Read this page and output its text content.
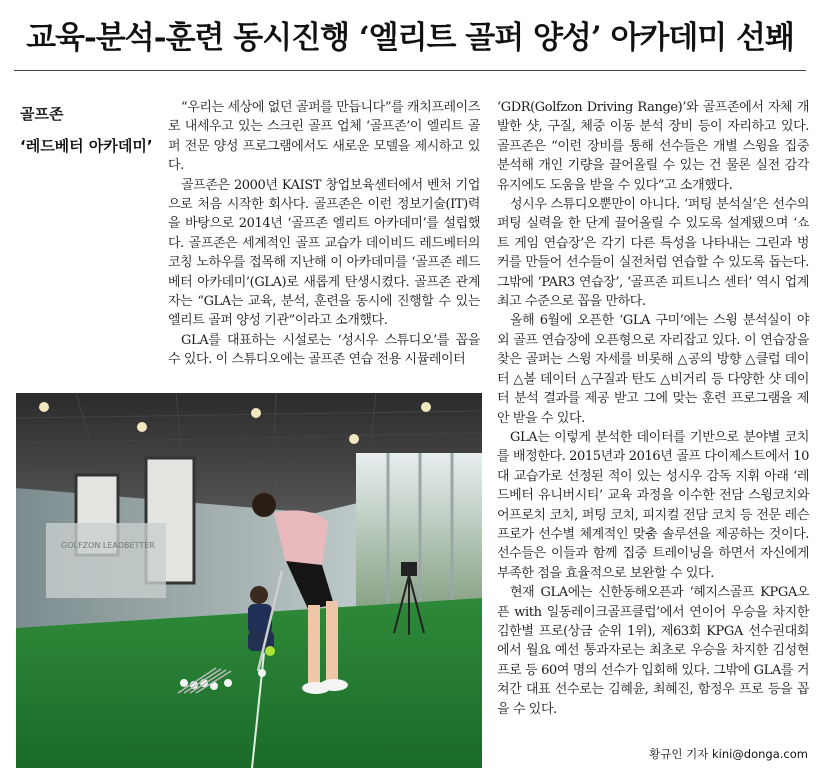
교육-분석-훈련 동시진행 ‘엘리트 골퍼 양성’ 아카데미 선봬
골프존
‘레드베터 아카데미’

“우리는 세상에 없던 골퍼를 만듭니다”를 캐치프레이즈로 내세우고 있는 스크린 골프 업체 ‘골프존’이 엘리트 골퍼 전문 양성 프로그램에서도 새로운 모델을 제시하고 있다.

골프존은 2000년 KAIST 창업보육센터에서 벤처 기업으로 처음 시작한 회사다. 골프존은 이런 정보기술(IT)력을 바탕으로 2014년 ‘골프존 엘리트 아카데미’를 설립했다. 골프존은 세계적인 골프 교습가 데이비드 레드베터의 코칭 노하우를 접목해 지난해 이 아카데미를 ‘골프존 레드베터 아카데미’(GLA)로 새롭게 탄생시켰다. 골프존 관계자는 “GLA는 교육, 분석, 훈련을 동시에 진행할 수 있는 엘리트 골퍼 양성 기관”이라고 소개했다.

GLA를 대표하는 시설로는 ‘성시우 스튜디오’를 꼽을 수 있다. 이 스튜디오에는 골프존 연습 전용 시뮬레이터

‘GDR(Golfzon Driving Range)’와 골프존에서 자체 개발한 샷, 구질, 체중 이동 분석 장비 등이 자리하고 있다. 골프존은 “이런 장비를 통해 선수들은 개별 스윙을 집중 분석해 개인 기량을 끌어올릴 수 있는 건 물론 실전 감각 유지에도 도움을 받을 수 있다”고 소개했다.

성시우 스튜디오뿐만이 아니다. ‘퍼팅 분석실’은 선수의 퍼팅 실력을 한 단계 끌어올릴 수 있도록 설계됐으며 ‘쇼트 게임 연습장’은 각기 다른 특성을 나타내는 그린과 벙커를 만들어 선수들이 실전처럼 연습할 수 있도록 돕는다. 그밖에 ‘PAR3 연습장’, ‘골프존 피트니스 센터’ 역시 업계 최고 수준으로 꼽을 만하다.

올해 6월에 오픈한 ‘GLA 구미’에는 스윙 분석실이 야외 골프 연습장에 오픈형으로 자리잡고 있다. 이 연습장을 찾은 골퍼는 스윙 자세를 비롯해 △공의 방향 △클럽 데이터 △볼 데이터 △구질과 탄도 △비거리 등 다양한 샷 데이터 분석 결과를 제공 받고 그에 맞는 훈련 프로그램을 제안 받을 수 있다.

GLA는 이렇게 분석한 데이터를 기반으로 분야별 코치를 배정한다. 2015년과 2016년 골프 다이제스트에서 10대 교습가로 선정된 적이 있는 성시우 감독 지휘 아래 ‘레드베터 유니버시티’ 교육 과정을 이수한 전담 스윙코치와 어프로치 코치, 퍼팅 코치, 피지컬 전담 코치 등 전문 레슨 프로가 선수별 체계적인 맞춤 솔루션을 제공하는 것이다. 선수들은 이들과 함께 집중 트레이닝을 하면서 자신에게 부족한 점을 효율적으로 보완할 수 있다.

현재 GLA에는 신한동해오픈과 ‘헤지스골프 KPGA오픈 with 일동레이크골프클럽’에서 연이어 우승을 차지한 김한별 프로(상금 순위 1위), 제63회 KPGA 선수권대회에서 월요 예선 통과자로는 최초로 우승을 차지한 김성현 프로 등 60여 명의 선수가 입회해 있다. 그밖에 GLA를 거쳐간 대표 선수로는 김혜윤, 최혜진, 함정우 프로 등을 꼽을 수 있다.

황규인 기자 kini@donga.com
GOLFZON LEADBETTER
